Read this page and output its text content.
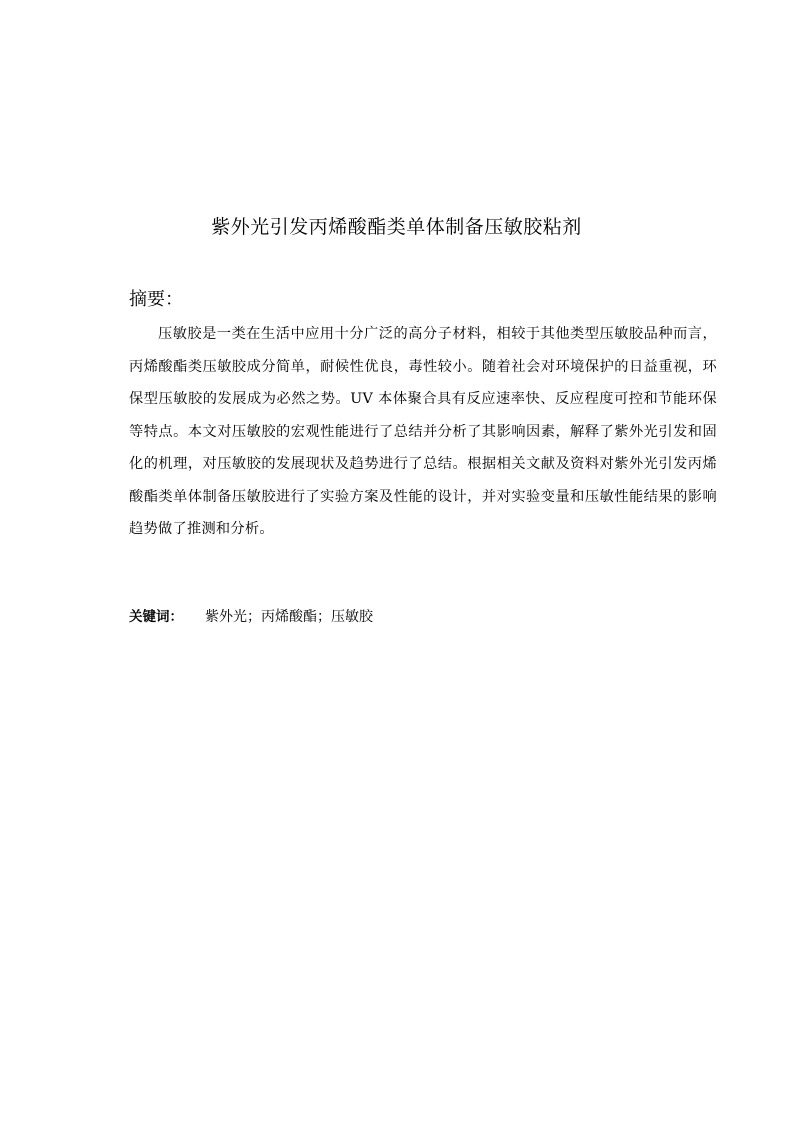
紫外光引发丙烯酸酯类单体制备压敏胶粘剂
摘要：
压敏胶是一类在生活中应用十分广泛的高分子材料，相较于其他类型压敏胶品种而言，丙烯酸酯类压敏胶成分简单，耐候性优良，毒性较小。随着社会对环境保护的日益重视，环保型压敏胶的发展成为必然之势。UV 本体聚合具有反应速率快、反应程度可控和节能环保等特点。本文对压敏胶的宏观性能进行了总结并分析了其影响因素，解释了紫外光引发和固化的机理，对压敏胶的发展现状及趋势进行了总结。根据相关文献及资料对紫外光引发丙烯酸酯类单体制备压敏胶进行了实验方案及性能的设计，并对实验变量和压敏性能结果的影响趋势做了推测和分析。
关键词： 紫外光；丙烯酸酯；压敏胶
